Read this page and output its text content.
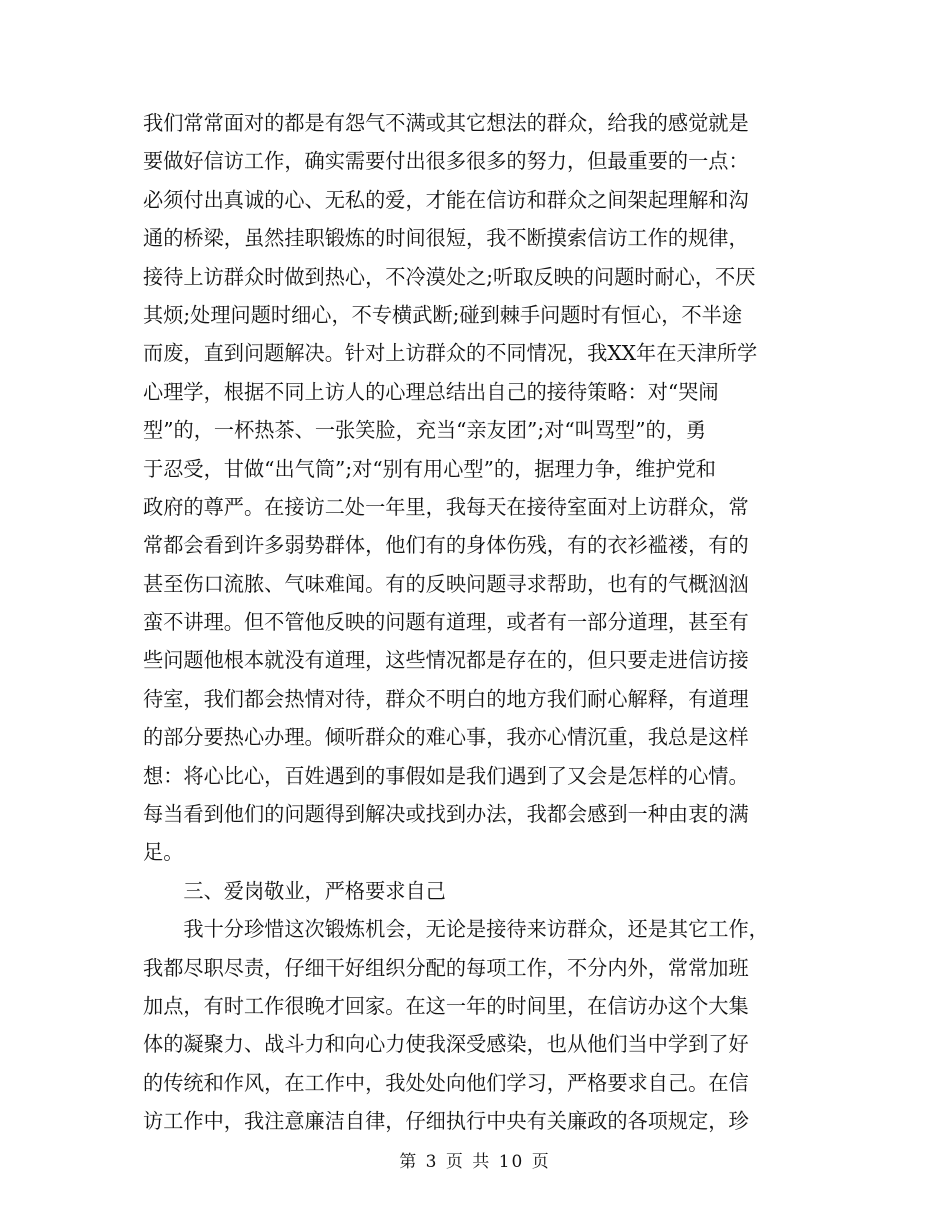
我们常常面对的都是有怨气不满或其它想法的群众，给我的感觉就是
要做好信访工作，确实需要付出很多很多的努力，但最重要的一点：
必须付出真诚的心、无私的爱，才能在信访和群众之间架起理解和沟
通的桥梁，虽然挂职锻炼的时间很短，我不断摸索信访工作的规律，
接待上访群众时做到热心，不冷漠处之;听取反映的问题时耐心，不厌
其烦;处理问题时细心，不专横武断;碰到棘手问题时有恒心，不半途
而废，直到问题解决。针对上访群众的不同情况，我XX年在天津所学
心理学，根据不同上访人的心理总结出自己的接待策略：对“哭闹
型”的，一杯热茶、一张笑脸，充当“亲友团”;对“叫骂型”的，勇
于忍受，甘做“出气筒”;对“别有用心型”的，据理力争，维护党和
政府的尊严。在接访二处一年里，我每天在接待室面对上访群众，常
常都会看到许多弱势群体，他们有的身体伤残，有的衣衫褴褛，有的
甚至伤口流脓、气味难闻。有的反映问题寻求帮助，也有的气概汹汹
蛮不讲理。但不管他反映的问题有道理，或者有一部分道理，甚至有
些问题他根本就没有道理，这些情况都是存在的，但只要走进信访接
待室，我们都会热情对待，群众不明白的地方我们耐心解释，有道理
的部分要热心办理。倾听群众的难心事，我亦心情沉重，我总是这样
想：将心比心，百姓遇到的事假如是我们遇到了又会是怎样的心情。
每当看到他们的问题得到解决或找到办法，我都会感到一种由衷的满
足。
　　三、爱岗敬业，严格要求自己
　　我十分珍惜这次锻炼机会，无论是接待来访群众，还是其它工作，
我都尽职尽责，仔细干好组织分配的每项工作，不分内外，常常加班
加点，有时工作很晚才回家。在这一年的时间里，在信访办这个大集
体的凝聚力、战斗力和向心力使我深受感染，也从他们当中学到了好
的传统和作风，在工作中，我处处向他们学习，严格要求自己。在信
访工作中，我注意廉洁自律，仔细执行中央有关廉政的各项规定，珍
第 3 页 共 10 页
